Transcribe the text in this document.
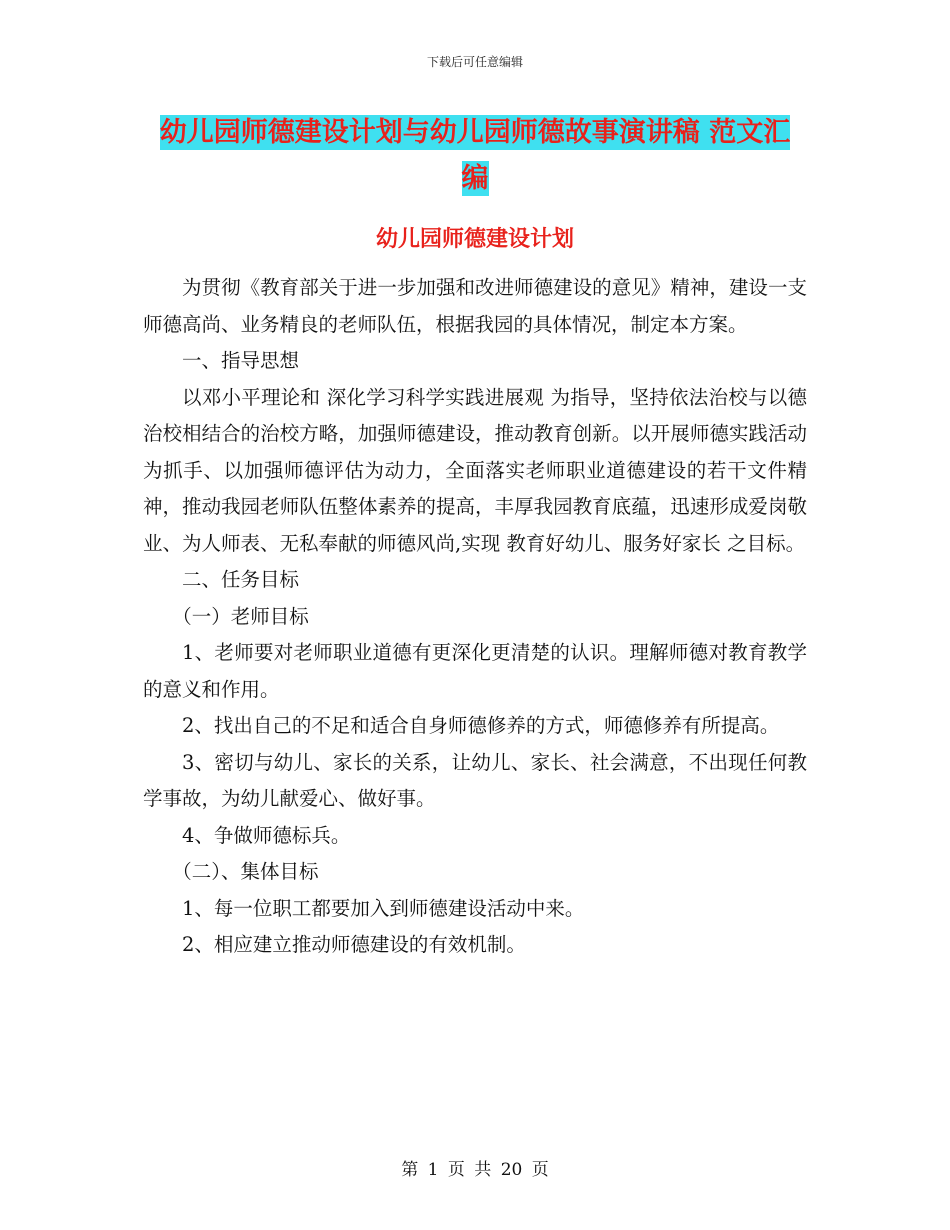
下载后可任意编辑
幼儿园师德建设计划与幼儿园师德故事演讲稿 范文汇
编
幼儿园师德建设计划

为贯彻《教育部关于进一步加强和改进师德建设的意见》精神，建设一支师德高尚、业务精良的老师队伍，根据我园的具体情况，制定本方案。

一、指导思想

以邓小平理论和 深化学习科学实践进展观 为指导，坚持依法治校与以德治校相结合的治校方略，加强师德建设，推动教育创新。以开展师德实践活动为抓手、以加强师德评估为动力，全面落实老师职业道德建设的若干文件精神，推动我园老师队伍整体素养的提高，丰厚我园教育底蕴，迅速形成爱岗敬业、为人师表、无私奉献的师德风尚,实现 教育好幼儿、服务好家长 之目标。

二、任务目标

（一）老师目标

1、老师要对老师职业道德有更深化更清楚的认识。理解师德对教育教学的意义和作用。

2、找出自己的不足和适合自身师德修养的方式，师德修养有所提高。

3、密切与幼儿、家长的关系，让幼儿、家长、社会满意，不出现任何教学事故，为幼儿献爱心、做好事。

4、争做师德标兵。

（二）、集体目标

1、每一位职工都要加入到师德建设活动中来。

2、相应建立推动师德建设的有效机制。

第 1 页 共 20 页
